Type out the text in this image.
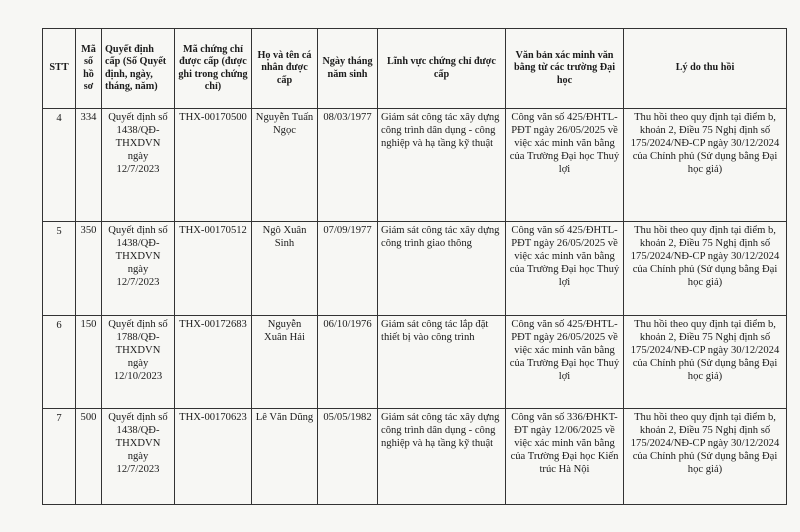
STT	Mã số hồ sơ	Quyết định cấp (Số Quyết định, ngày, tháng, năm)	Mã chứng chỉ được cấp (được ghi trong chứng chỉ)	Họ và tên cá nhân được cấp	Ngày tháng năm sinh	Lĩnh vực chứng chỉ được cấp	Văn bản xác minh văn bằng từ các trường Đại học	Lý do thu hồi
4	334	Quyết định số 1438/QĐ-THXDVN ngày 12/7/2023	THX-00170500	Nguyễn Tuấn Ngọc	08/03/1977	Giám sát công tác xây dựng công trình dân dụng - công nghiệp và hạ tầng kỹ thuật	Công văn số 425/ĐHTL-PĐT ngày 26/05/2025 về việc xác minh văn bằng của Trường Đại học Thuỷ lợi	Thu hồi theo quy định tại điểm b, khoản 2, Điều 75 Nghị định số 175/2024/NĐ-CP ngày 30/12/2024 của Chính phủ (Sử dụng bằng Đại học giả)
5	350	Quyết định số 1438/QĐ-THXDVN ngày 12/7/2023	THX-00170512	Ngô Xuân Sinh	07/09/1977	Giám sát công tác xây dựng công trình giao thông	Công văn số 425/ĐHTL-PĐT ngày 26/05/2025 về việc xác minh văn bằng của Trường Đại học Thuỷ lợi	Thu hồi theo quy định tại điểm b, khoản 2, Điều 75 Nghị định số 175/2024/NĐ-CP ngày 30/12/2024 của Chính phủ (Sử dụng bằng Đại học giả)
6	150	Quyết định số 1788/QĐ-THXDVN ngày 12/10/2023	THX-00172683	Nguyễn Xuân Hải	06/10/1976	Giám sát công tác lắp đặt thiết bị vào công trình	Công văn số 425/ĐHTL-PĐT ngày 26/05/2025 về việc xác minh văn bằng của Trường Đại học Thuỷ lợi	Thu hồi theo quy định tại điểm b, khoản 2, Điều 75 Nghị định số 175/2024/NĐ-CP ngày 30/12/2024 của Chính phủ (Sử dụng bằng Đại học giả)
7	500	Quyết định số 1438/QĐ-THXDVN ngày 12/7/2023	THX-00170623	Lê Văn Dũng	05/05/1982	Giám sát công tác xây dựng công trình dân dụng - công nghiệp và hạ tầng kỹ thuật	Công văn số 336/ĐHKT-ĐT ngày 12/06/2025 về việc xác minh văn bằng của Trường Đại học Kiến trúc Hà Nội	Thu hồi theo quy định tại điểm b, khoản 2, Điều 75 Nghị định số 175/2024/NĐ-CP ngày 30/12/2024 của Chính phủ (Sử dụng bằng Đại học giả)
